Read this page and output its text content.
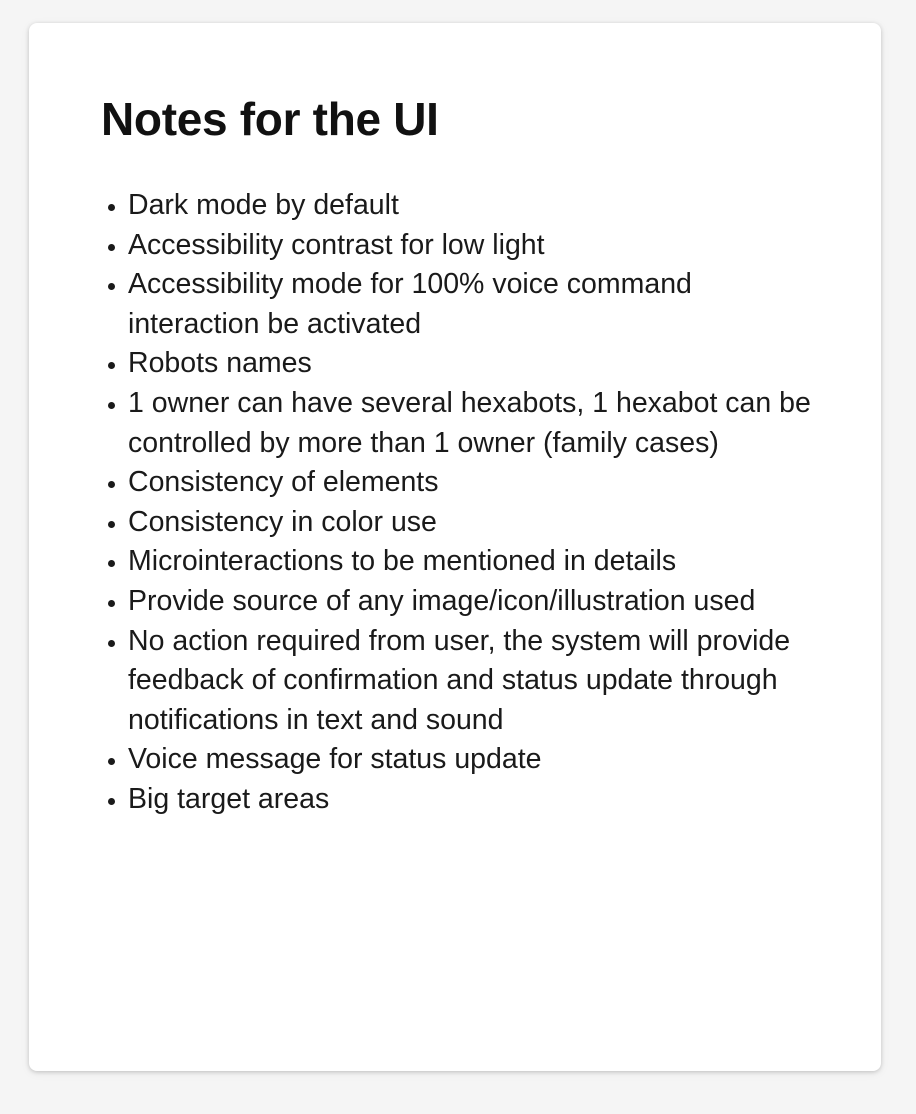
Notes for the UI
• Dark mode by default
• Accessibility contrast for low light
• Accessibility mode for 100% voice command interaction be activated
• Robots names
• 1 owner can have several hexabots, 1 hexabot can be controlled by more than 1 owner (family cases)
• Consistency of elements
• Consistency in color use
• Microinteractions to be mentioned in details
• Provide source of any image/icon/illustration used
• No action required from user, the system will provide feedback of confirmation and status update through notifications in text and sound
• Voice message for status update
• Big target areas
